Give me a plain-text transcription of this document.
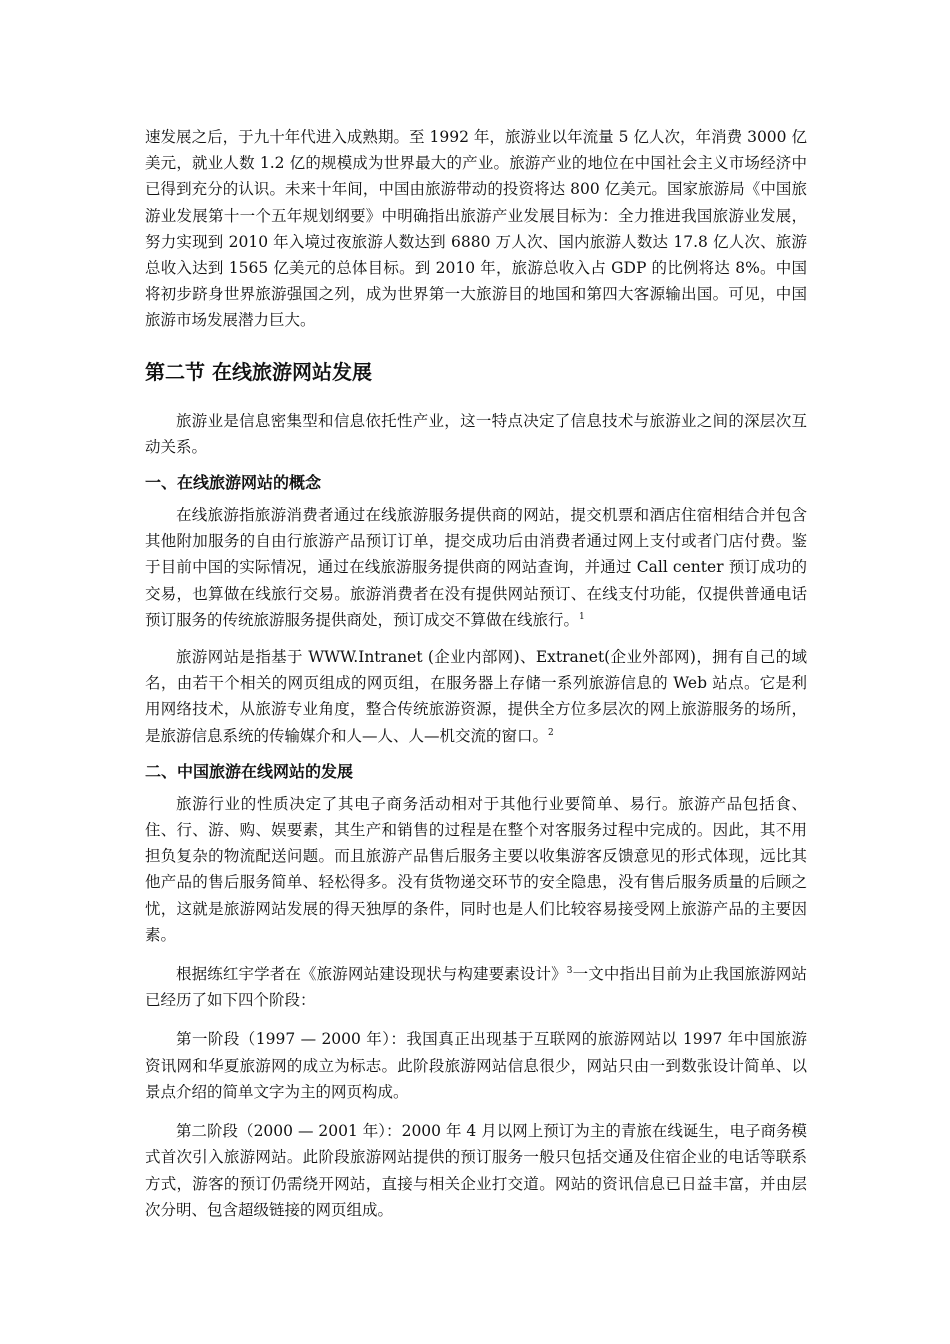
速发展之后，于九十年代进入成熟期。至 1992 年，旅游业以年流量 5 亿人次，年消费 3000 亿美元，就业人数 1.2 亿的规模成为世界最大的产业。旅游产业的地位在中国社会主义市场经济中已得到充分的认识。未来十年间，中国由旅游带动的投资将达 800 亿美元。国家旅游局《中国旅游业发展第十一个五年规划纲要》中明确指出旅游产业发展目标为：全力推进我国旅游业发展，努力实现到 2010 年入境过夜旅游人数达到 6880 万人次、国内旅游人数达 17.8 亿人次、旅游总收入达到 1565 亿美元的总体目标。到 2010 年，旅游总收入占 GDP 的比例将达 8%。中国将初步跻身世界旅游强国之列，成为世界第一大旅游目的地国和第四大客源输出国。可见，中国旅游市场发展潜力巨大。

第二节 在线旅游网站发展

旅游业是信息密集型和信息依托性产业，这一特点决定了信息技术与旅游业之间的深层次互动关系。

一、在线旅游网站的概念

在线旅游指旅游消费者通过在线旅游服务提供商的网站，提交机票和酒店住宿相结合并包含其他附加服务的自由行旅游产品预订订单，提交成功后由消费者通过网上支付或者门店付费。鉴于目前中国的实际情况，通过在线旅游服务提供商的网站查询，并通过 Call center 预订成功的交易，也算做在线旅行交易。旅游消费者在没有提供网站预订、在线支付功能，仅提供普通电话预订服务的传统旅游服务提供商处，预订成交不算做在线旅行。$^1$

旅游网站是指基于 WWW.Intranet (企业内部网)、Extranet(企业外部网)，拥有自己的域名，由若干个相关的网页组成的网页组，在服务器上存储一系列旅游信息的 Web 站点。它是利用网络技术，从旅游专业角度，整合传统旅游资源，提供全方位多层次的网上旅游服务的场所，是旅游信息系统的传输媒介和人—人、人—机交流的窗口。$^2$

二、中国旅游在线网站的发展

旅游行业的性质决定了其电子商务活动相对于其他行业要简单、易行。旅游产品包括食、住、行、游、购、娱要素，其生产和销售的过程是在整个对客服务过程中完成的。因此，其不用担负复杂的物流配送问题。而且旅游产品售后服务主要以收集游客反馈意见的形式体现，远比其他产品的售后服务简单、轻松得多。没有货物递交环节的安全隐患，没有售后服务质量的后顾之忧，这就是旅游网站发展的得天独厚的条件，同时也是人们比较容易接受网上旅游产品的主要因素。

根据练红宇学者在《旅游网站建设现状与构建要素设计》$^3$一文中指出目前为止我国旅游网站已经历了如下四个阶段：

第一阶段（1997 — 2000 年）：我国真正出现基于互联网的旅游网站以 1997 年中国旅游资讯网和华夏旅游网的成立为标志。此阶段旅游网站信息很少，网站只由一到数张设计简单、以景点介绍的简单文字为主的网页构成。

第二阶段（2000 — 2001 年）：2000 年 4 月以网上预订为主的青旅在线诞生，电子商务模式首次引入旅游网站。此阶段旅游网站提供的预订服务一般只包括交通及住宿企业的电话等联系方式，游客的预订仍需绕开网站，直接与相关企业打交道。网站的资讯信息已日益丰富，并由层次分明、包含超级链接的网页组成。
